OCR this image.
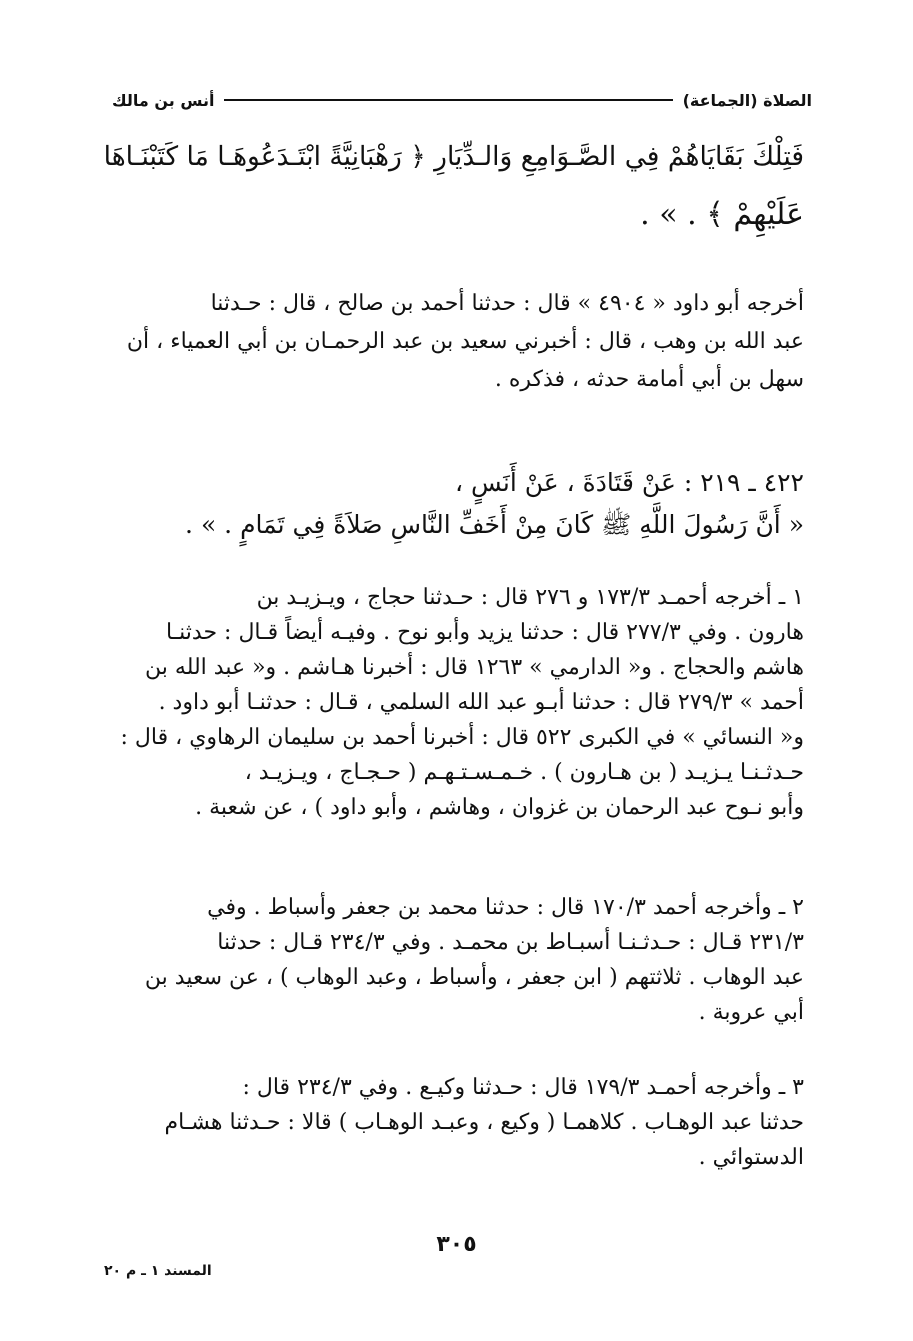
الصلاة (الجماعة)
أنس بن مالك
فَتِلْكَ بَقَايَاهُمْ فِي الصَّـوَامِعِ وَالـدِّيَارِ ﴿ رَهْبَانِيَّةً ابْتَـدَعُوهَـا مَا كَتَبْنَـاهَا
عَلَيْهِمْ ﴾ . » .
أخرجه أبو داود « ٤٩٠٤ » قال : حدثنا أحمد بن صالح ، قال : حـدثنا
عبد الله بن وهب ، قال : أخبرني سعيد بن عبد الرحمـان بن أبي العمياء ، أن
سهل بن أبي أمامة حدثه ، فذكره .
٤٢٢ ـ ٢١٩ : عَنْ قَتَادَةَ ، عَنْ أَنَسٍ ،
« أَنَّ رَسُولَ اللَّهِ ﷺ كَانَ مِنْ أَخَفِّ النَّاسِ صَلاَةً فِي تَمَامٍ . » .
١ ـ أخرجه أحمـد ١٧٣/٣ و ٢٧٦ قال : حـدثنا حجاج ، ويـزيـد بن
هارون . وفي ٢٧٧/٣ قال : حدثنا يزيد وأبو نوح . وفيـه أيضاً قـال : حدثنـا
هاشم والحجاج . و« الدارمي » ١٢٦٣ قال : أخبرنا هـاشم . و« عبد الله بن
أحمد » ٢٧٩/٣ قال : حدثنا أبـو عبد الله السلمي ، قـال : حدثنـا أبو داود .
و« النسائي » في الكبرى ٥٢٢ قال : أخبرنا أحمد بن سليمان الرهاوي ، قال :
حـدثـنـا يـزيـد ( بن هـارون ) . خـمـسـتـهـم ( حـجـاج ، ويـزيـد ،
وأبو نـوح عبد الرحمان بن غزوان ، وهاشم ، وأبو داود ) ، عن شعبة .
٢ ـ وأخرجه أحمد ١٧٠/٣ قال : حدثنا محمد بن جعفر وأسباط . وفي
٢٣١/٣ قـال : حـدثـنـا أسبـاط بن محمـد . وفي ٢٣٤/٣ قـال : حدثنا
عبد الوهاب . ثلاثتهم ( ابن جعفر ، وأسباط ، وعبد الوهاب ) ، عن سعيد بن
أبي عروبة .
٣ ـ وأخرجه أحمـد ١٧٩/٣ قال : حـدثنا وكيـع . وفي ٢٣٤/٣ قال :
حدثنا عبد الوهـاب . كلاهمـا ( وكيع ، وعبـد الوهـاب ) قالا : حـدثنا هشـام
الدستوائي .
٣٠٥
المسند ١ ـ م ٢٠
